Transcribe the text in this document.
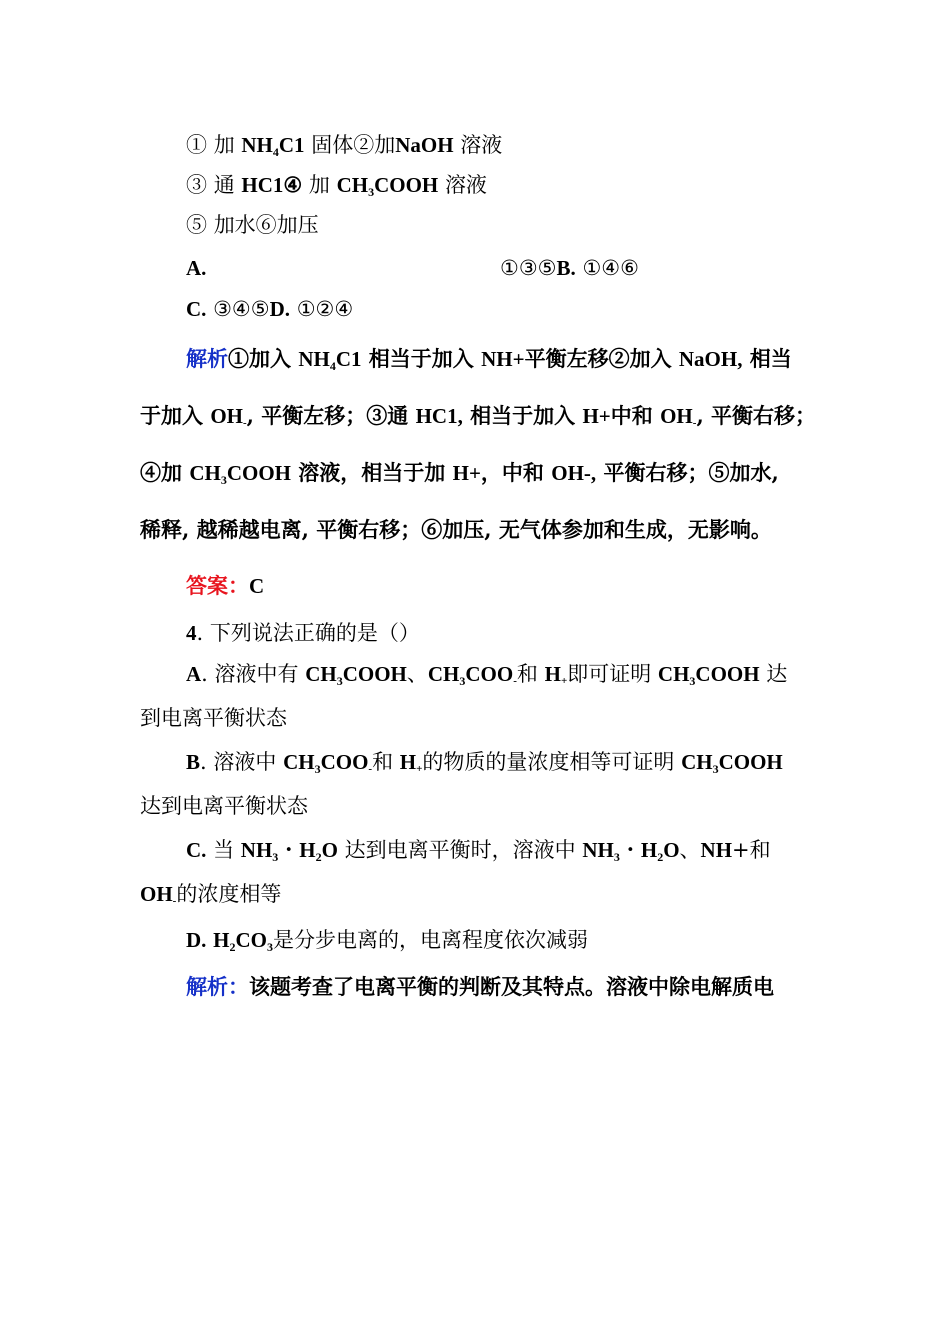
① 加 $NH_4C1$ 固体②加NaOH 溶液
③ 通 HC1④ 加 $CH_3COOH$ 溶液
⑤ 加水⑥加压
A.	①③⑤B. ①④⑥
C. ③④⑤D. ①②④
解析①加入 $NH_4C1$ 相当于加入 NH+平衡左移②加入 NaOH, 相当
于加入 OH-, 平衡左移；③通 HC1, 相当于加入 H+中和 OH-, 平衡右移；
④加 $CH_3COOH$ 溶液，相当于加 H+，中和 OH-, 平衡右移；⑤加水,
稀释, 越稀越电离, 平衡右移；⑥加压, 无气体参加和生成，无影响。
答案：C
4. 下列说法正确的是（）
A. 溶液中有 $CH_3COOH$、$CH_3COO-$和 H+即可证明 $CH_3COOH$ 达
到电离平衡状态
B. 溶液中 $CH_3COO-$和 H+的物质的量浓度相等可证明 $CH_3COOH$
达到电离平衡状态
C. 当 $NH_3$・$H_2O$ 达到电离平衡时，溶液中 $NH_3$・$H_2O$、NH+和
OH-的浓度相等
D. $H_2CO_3$是分步电离的，电离程度依次减弱
解析：该题考查了电离平衡的判断及其特点。溶液中除电解质电
